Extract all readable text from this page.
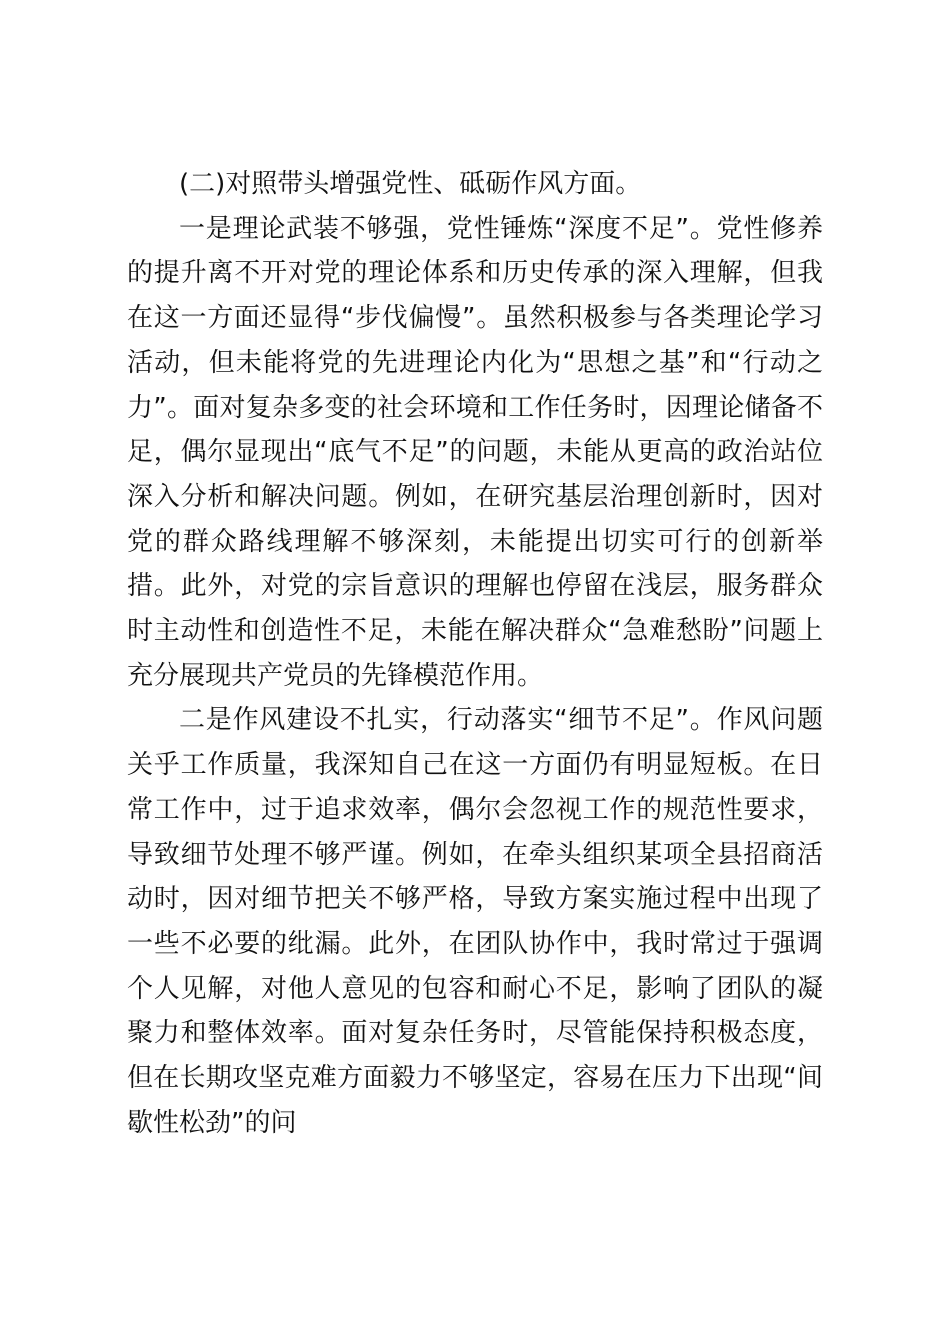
(二)对照带头增强党性、砥砺作风方面。

一是理论武装不够强，党性锤炼“深度不足”。党性修养的提升离不开对党的理论体系和历史传承的深入理解，但我在这一方面还显得“步伐偏慢”。虽然积极参与各类理论学习活动，但未能将党的先进理论内化为“思想之基”和“行动之力”。面对复杂多变的社会环境和工作任务时，因理论储备不足，偶尔显现出“底气不足”的问题，未能从更高的政治站位深入分析和解决问题。例如，在研究基层治理创新时，因对党的群众路线理解不够深刻，未能提出切实可行的创新举措。此外，对党的宗旨意识的理解也停留在浅层，服务群众时主动性和创造性不足，未能在解决群众“急难愁盼”问题上充分展现共产党员的先锋模范作用。

二是作风建设不扎实，行动落实“细节不足”。作风问题关乎工作质量，我深知自己在这一方面仍有明显短板。在日常工作中，过于追求效率，偶尔会忽视工作的规范性要求，导致细节处理不够严谨。例如，在牵头组织某项全县招商活动时，因对细节把关不够严格，导致方案实施过程中出现了一些不必要的纰漏。此外，在团队协作中，我时常过于强调个人见解，对他人意见的包容和耐心不足，影响了团队的凝聚力和整体效率。面对复杂任务时，尽管能保持积极态度，但在长期攻坚克难方面毅力不够坚定，容易在压力下出现“间歇性松劲”的问
